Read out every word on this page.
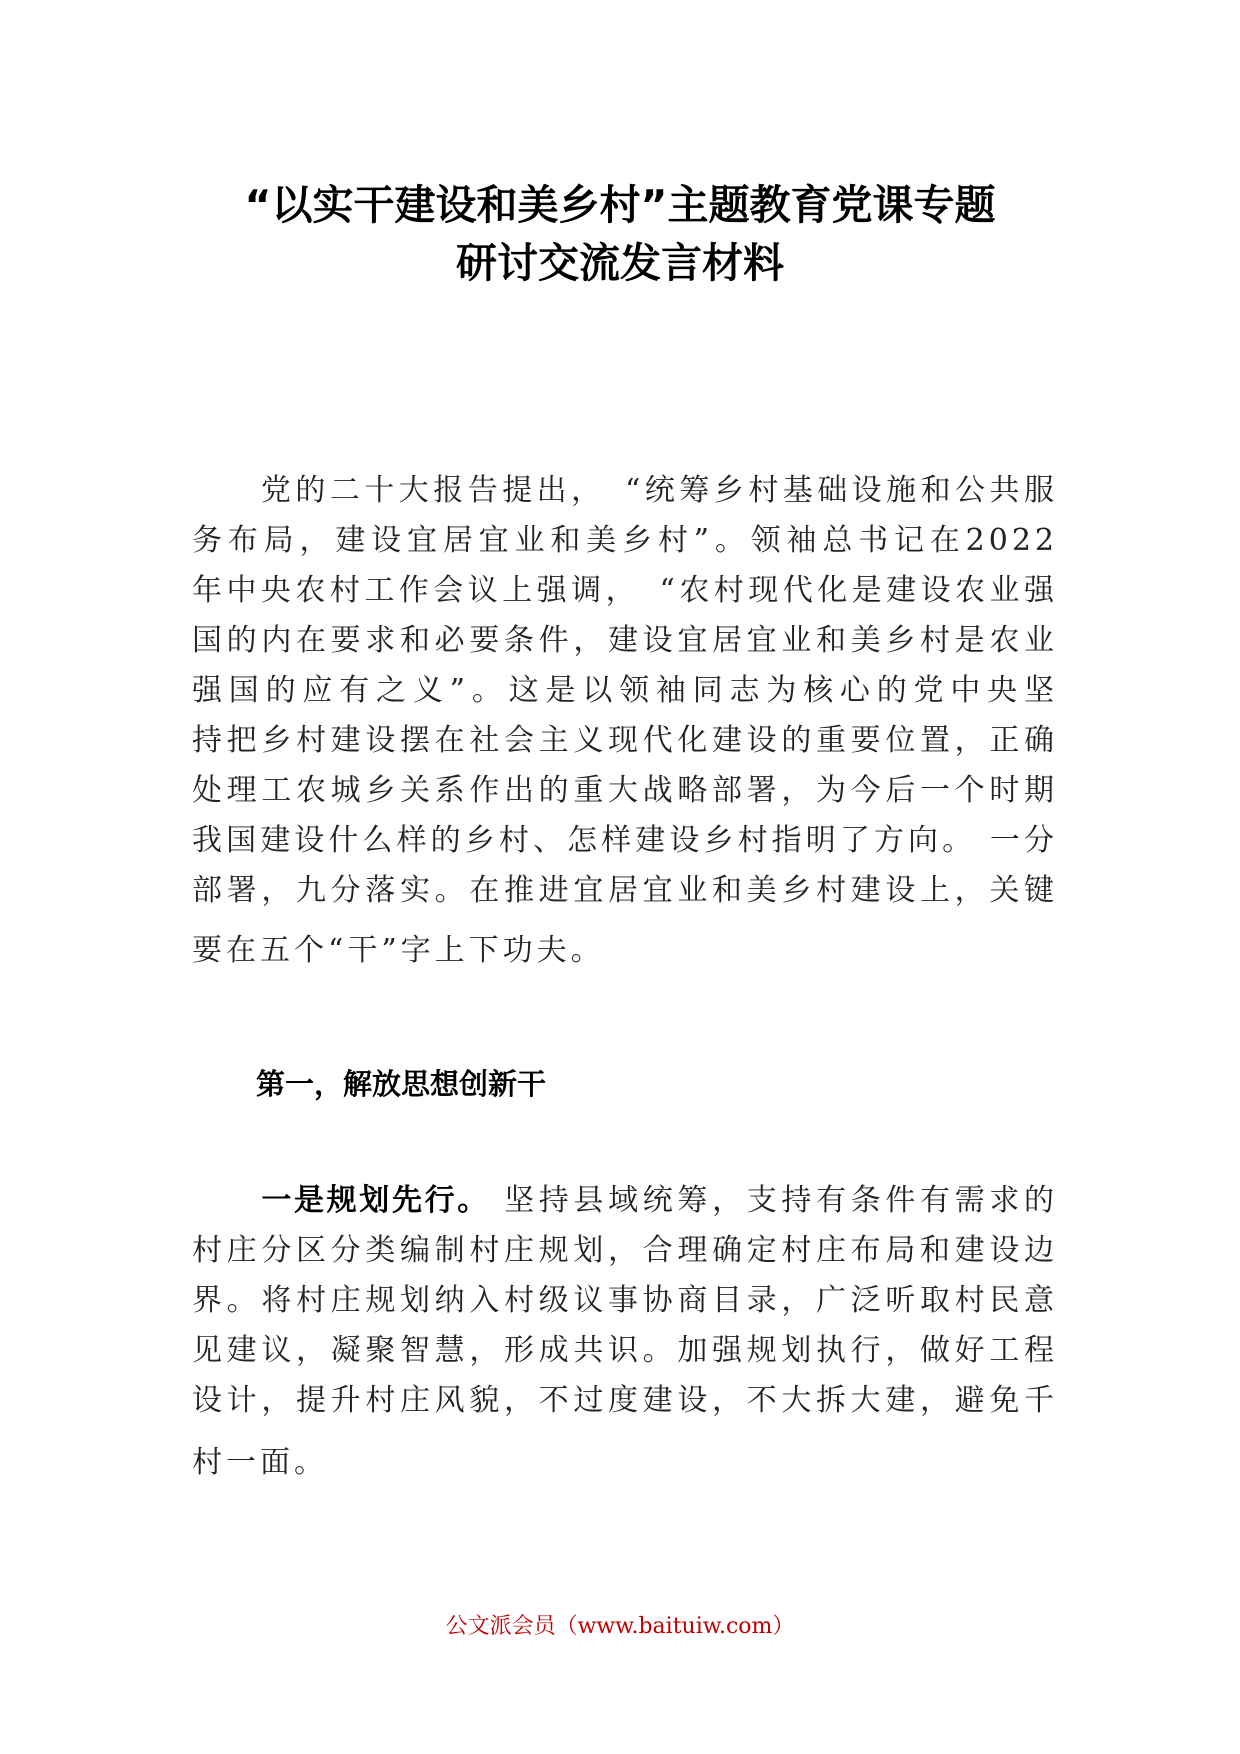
“以实干建设和美乡村”主题教育党课专题
研讨交流发言材料
　　党的二十大报告提出，　“统筹乡村基础设施和公共服
务布局，建设宜居宜业和美乡村”。领袖总书记在2022
年中央农村工作会议上强调，　“农村现代化是建设农业强
国的内在要求和必要条件，建设宜居宜业和美乡村是农业
强国的应有之义”。这是以领袖同志为核心的党中央坚
持把乡村建设摆在社会主义现代化建设的重要位置，正确
处理工农城乡关系作出的重大战略部署，为今后一个时期
我国建设什么样的乡村、怎样建设乡村指明了方向。 一分
部署，九分落实。在推进宜居宜业和美乡村建设上，关键
要在五个“干”字上下功夫。
第一，解放思想创新干
　　一是规划先行。 坚持县域统筹，支持有条件有需求的
村庄分区分类编制村庄规划，合理确定村庄布局和建设边
界。将村庄规划纳入村级议事协商目录，广泛听取村民意
见建议，凝聚智慧，形成共识。加强规划执行，做好工程
设计，提升村庄风貌，不过度建设，不大拆大建，避免千
村一面。
公文派会员（www.baituiw.com）
